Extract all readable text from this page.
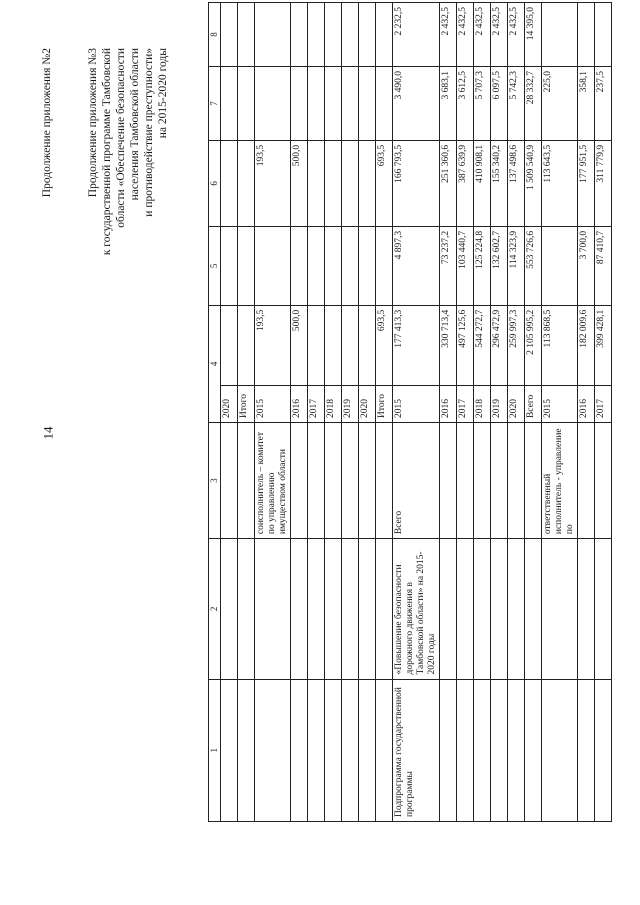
14
Продолжение приложения №2	Продолжение приложения №3 к государственной программе Тамбовской области «Обеспечение безопасности населения Тамбовской области и противодействие преступности» на 2015-2020 годы
1	2	3	4		5	6	7	8
			2020					
			Итого					
		соисполнитель – комитет по управлению имуществом области	2015	193,5		193,5		
			2016	500,0		500,0		
			2017					
			2018					
			2019					
			2020					
			Итого	693,5		693,5		
Подпрограмма государственной программы	«Повышение безопасности дорожного движения в Тамбовской области» на 2015-2020 годы	Всего	2015	177 413,3	4 897,3	166 793,5	3 490,0	2 232,5
			2016	330 713,4	73 237,2	251 360,6	3 683,1	2 432,5
			2017	497 125,6	103 440,7	387 639,9	3 612,5	2 432,5
			2018	544 272,7	125 224,8	410 908,1	5 707,3	2 432,5
			2019	296 472,9	132 602,7	155 340,2	6 097,5	2 432,5
			2020	259 997,3	114 323,9	137 498,6	5 742,3	2 432,5
			Всего	2 105 995,2	553 726,6	1 509 540,9	28 332,7	14 395,0
		ответственный исполнитель - управление по	2015	113 868,5		113 643,5	225,0	
			2016	182 009,6	3 700,0	177 951,5	358,1	
			2017	399 428,1	87 410,7	311 779,9	237,5	
